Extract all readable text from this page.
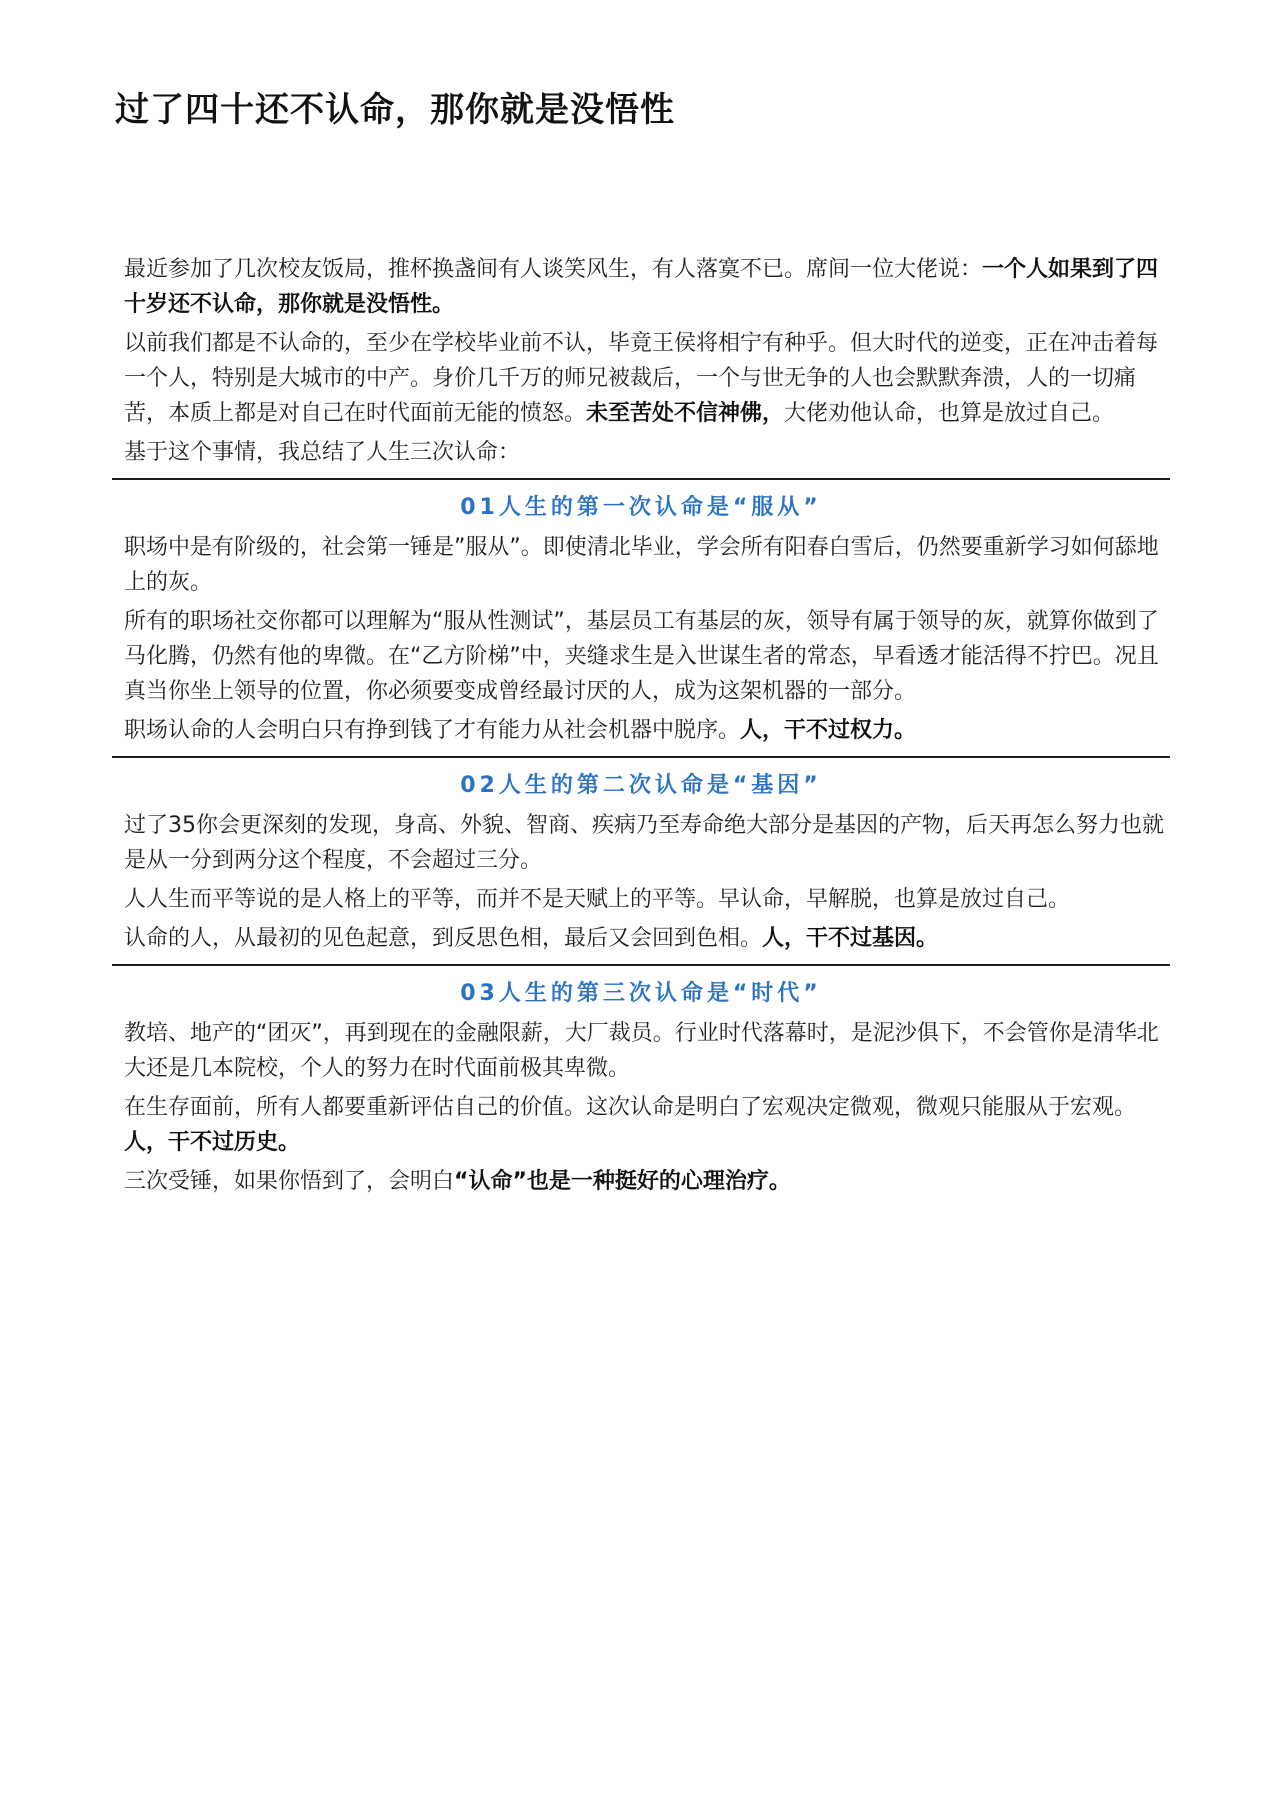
过了四十还不认命，那你就是没悟性

最近参加了几次校友饭局，推杯换盏间有人谈笑风生，有人落寞不已。席间一位大佬说：一个人如果到了四十岁还不认命，那你就是没悟性。

以前我们都是不认命的，至少在学校毕业前不认，毕竟王侯将相宁有种乎。但大时代的逆变，正在冲击着每一个人，特别是大城市的中产。身价几千万的师兄被裁后，一个与世无争的人也会默默奔溃，人的一切痛苦，本质上都是对自己在时代面前无能的愤怒。未至苦处不信神佛，大佬劝他认命，也算是放过自己。

基于这个事情，我总结了人生三次认命：

01人生的第一次认命是“服从”

职场中是有阶级的，社会第一锤是”服从”。即使清北毕业，学会所有阳春白雪后，仍然要重新学习如何舔地上的灰。

所有的职场社交你都可以理解为“服从性测试”，基层员工有基层的灰，领导有属于领导的灰，就算你做到了马化腾，仍然有他的卑微。在“乙方阶梯”中，夹缝求生是入世谋生者的常态，早看透才能活得不拧巴。况且真当你坐上领导的位置，你必须要变成曾经最讨厌的人，成为这架机器的一部分。

职场认命的人会明白只有挣到钱了才有能力从社会机器中脱序。人，干不过权力。

02人生的第二次认命是“基因”

过了35你会更深刻的发现，身高、外貌、智商、疾病乃至寿命绝大部分是基因的产物，后天再怎么努力也就是从一分到两分这个程度，不会超过三分。

人人生而平等说的是人格上的平等，而并不是天赋上的平等。早认命，早解脱，也算是放过自己。

认命的人，从最初的见色起意，到反思色相，最后又会回到色相。人，干不过基因。

03人生的第三次认命是“时代”

教培、地产的“团灭”，再到现在的金融限薪，大厂裁员。行业时代落幕时，是泥沙俱下，不会管你是清华北大还是几本院校，个人的努力在时代面前极其卑微。

在生存面前，所有人都要重新评估自己的价值。这次认命是明白了宏观决定微观，微观只能服从于宏观。人，干不过历史。

三次受锤，如果你悟到了，会明白“认命”也是一种挺好的心理治疗。
